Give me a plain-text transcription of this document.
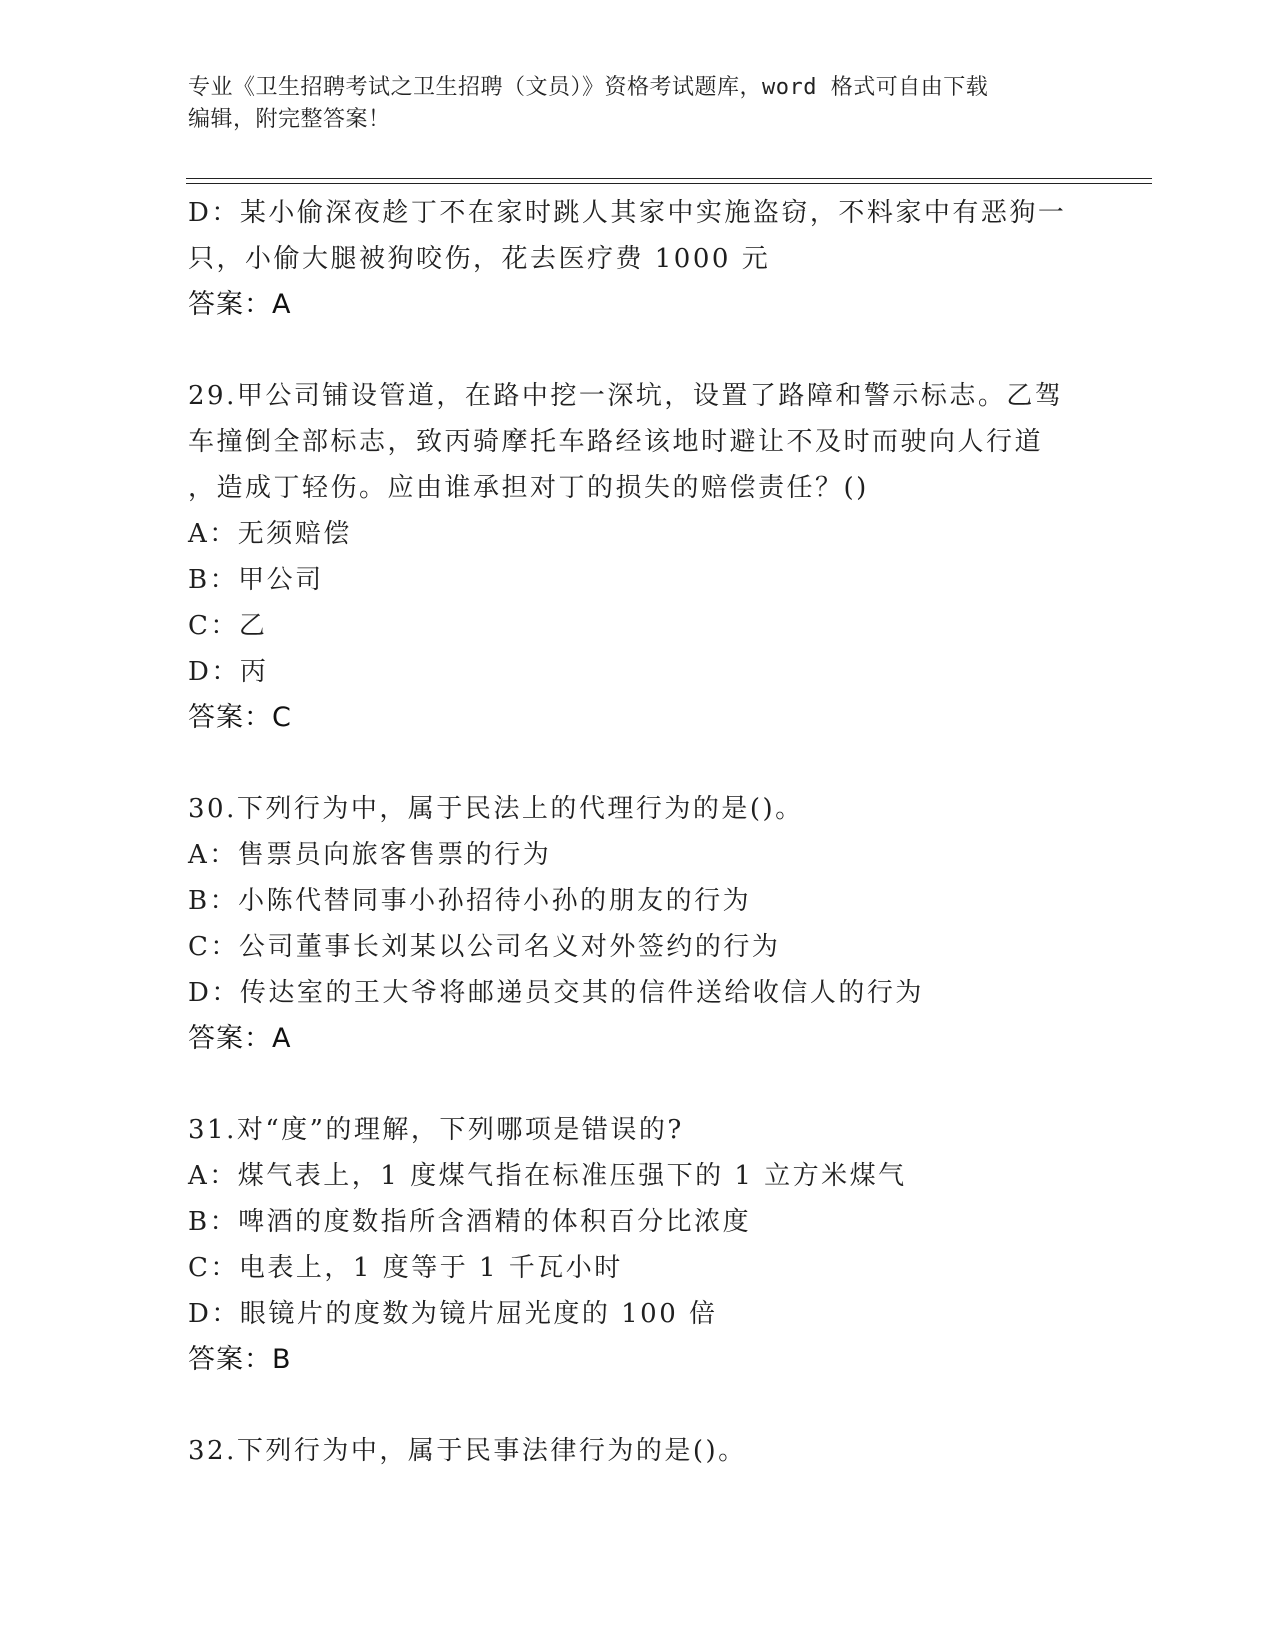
专业《卫生招聘考试之卫生招聘（文员）》资格考试题库，word 格式可自由下载
编辑，附完整答案！
D：某小偷深夜趁丁不在家时跳人其家中实施盗窃，不料家中有恶狗一
只，小偷大腿被狗咬伤，花去医疗费 1000 元
答案：A
29.甲公司铺设管道，在路中挖一深坑，设置了路障和警示标志。乙驾
车撞倒全部标志，致丙骑摩托车路经该地时避让不及时而驶向人行道
，造成丁轻伤。应由谁承担对丁的损失的赔偿责任？()
A：无须赔偿
B：甲公司
C：乙
D：丙
答案：C
30.下列行为中，属于民法上的代理行为的是()。
A：售票员向旅客售票的行为
B：小陈代替同事小孙招待小孙的朋友的行为
C：公司董事长刘某以公司名义对外签约的行为
D：传达室的王大爷将邮递员交其的信件送给收信人的行为
答案：A
31.对“度”的理解，下列哪项是错误的?
A：煤气表上，1 度煤气指在标准压强下的 1 立方米煤气
B：啤酒的度数指所含酒精的体积百分比浓度
C：电表上，1 度等于 1 千瓦小时
D：眼镜片的度数为镜片屈光度的 100 倍
答案：B
32.下列行为中，属于民事法律行为的是()。
